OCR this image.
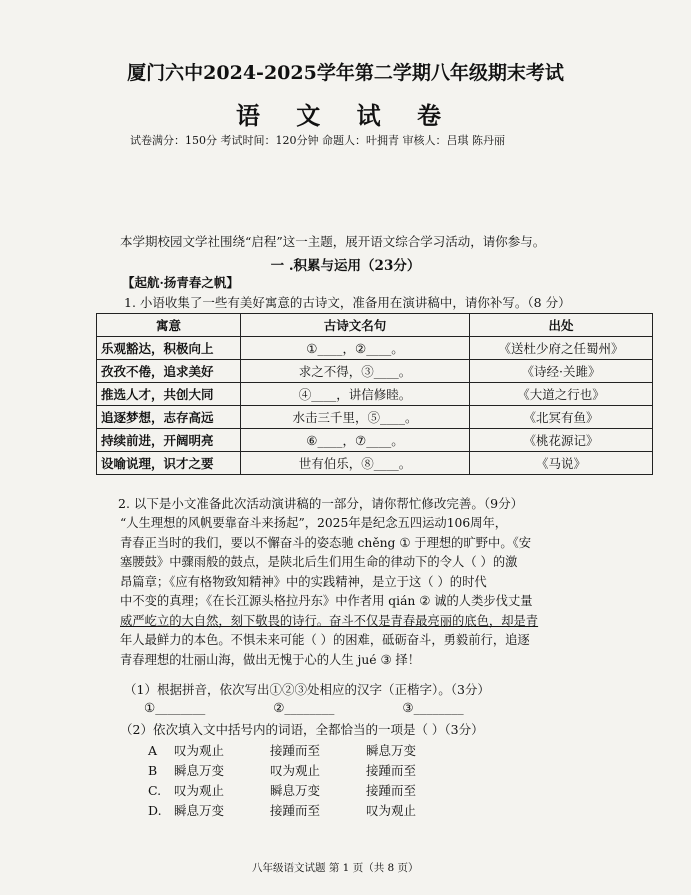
厦门六中2024-2025学年第二学期八年级期末考试
语 文 试 卷
试卷满分：150分 考试时间：120分钟 命题人：叶拥青 审核人：吕琪 陈丹丽
本学期校园文学社围绕“启程”这一主题，展开语文综合学习活动，请你参与。
一 .积累与运用（23分）
【起航·扬青春之帆】
1. 小语收集了一些有美好寓意的古诗文，准备用在演讲稿中，请你补写。（8 分）
寓意	古诗文名句	出处
乐观豁达，积极向上	①____，②____。	《送杜少府之任蜀州》
孜孜不倦，追求美好	求之不得，③____。	《诗经·关雎》
推选人才，共创大同	④____，讲信修睦。	《大道之行也》
追逐梦想，志存高远	水击三千里，⑤____。	《北冥有鱼》
持续前进，开阔明亮	⑥____，⑦____。	《桃花源记》
设喻说理，识才之要	世有伯乐，⑧____。	《马说》
2. 以下是小文准备此次活动演讲稿的一部分，请你帮忙修改完善。（9分）
“人生理想的风帆要靠奋斗来扬起”，2025年是纪念五四运动106周年，
青春正当时的我们，要以不懈奋斗的姿态驰 chěng ① 于理想的旷野中。《安
塞腰鼓》中骤雨般的鼓点，是陕北后生们用生命的律动下的令人（ ）的激
昂篇章；《应有格物致知精神》中的实践精神，是立于这（ ）的时代
中不变的真理；《在长江源头格拉丹东》中作者用 qián ② 诚的人类步伐丈量
威严屹立的大自然，刻下敬畏的诗行。奋斗不仅是青春最亮丽的底色，却是青
年人最鲜力的本色。不惧未来可能（ ）的困难，砥砺奋斗，勇毅前行，追逐
青春理想的壮丽山海，做出无愧于心的人生 jué ③ 择！
（1）根据拼音，依次写出①②③处相应的汉字（正楷字）。（3分）
①________	②________	③________
（2）依次填入文中括号内的词语，全都恰当的一项是（ ）（3分）
A 叹为观止	接踵而至	瞬息万变
B 瞬息万变	叹为观止	接踵而至
C. 叹为观止	瞬息万变	接踵而至
D. 瞬息万变	接踵而至	叹为观止
八年级语文试题 第 1 页（共 8 页）
